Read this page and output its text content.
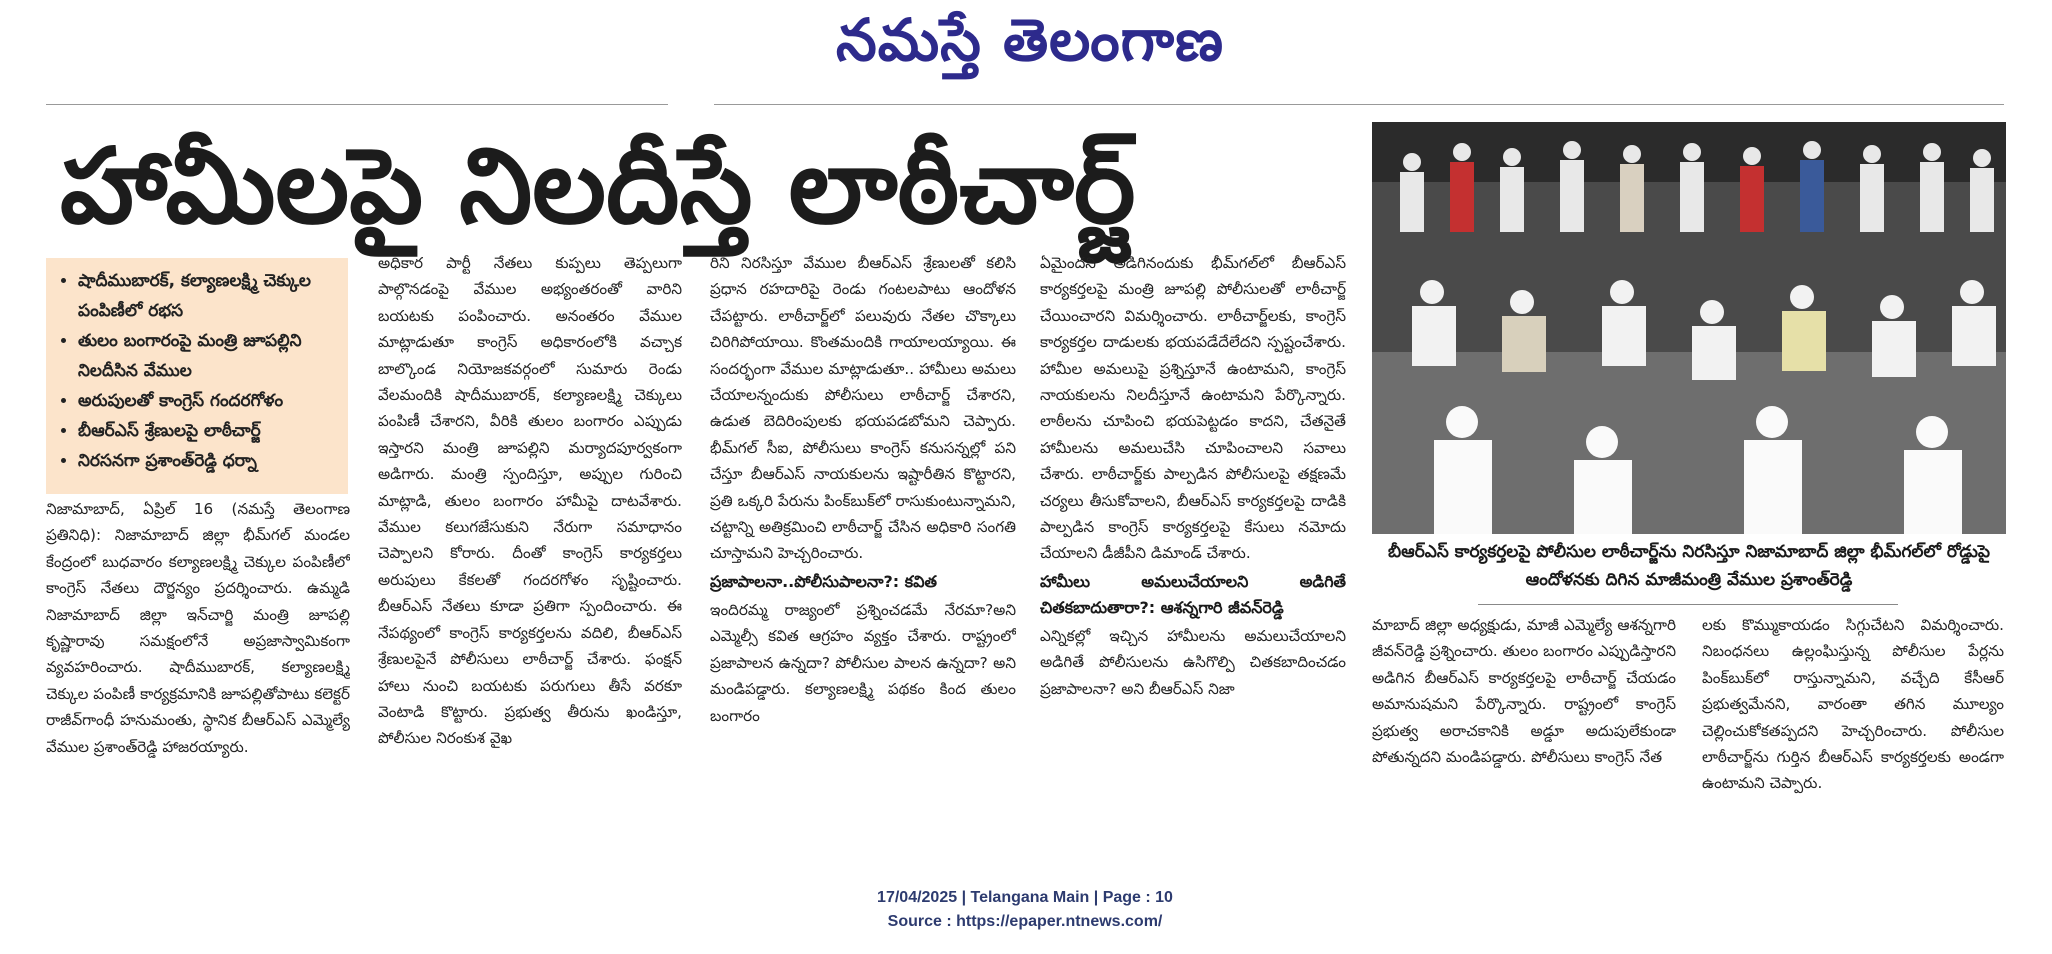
నమస్తే తెలంగాణ
హామీలపై నిలదీస్తే లాఠీచార్జ్
• షాదీముబారక్, కల్యాణలక్ష్మి చెక్కుల పంపిణీలో రభస
• తులం బంగారంపై మంత్రి జూపల్లిని నిలదీసిన వేముల
• అరుపులతో కాంగ్రెస్ గందరగోళం
• బీఆర్ఎస్ శ్రేణులపై లాఠీచార్జ్
• నిరసనగా ప్రశాంత్‌రెడ్డి ధర్నా

నిజామాబాద్, ఏప్రిల్ 16 (నమస్తే తెలంగాణ ప్రతినిధి): నిజామాబాద్ జిల్లా భీమ్‌గల్ మండల కేంద్రంలో బుధవారం కల్యాణలక్ష్మి చెక్కుల పంపిణీలో కాంగ్రెస్ నేతలు దౌర్జన్యం ప్రదర్శించారు. ఉమ్మడి నిజామాబాద్ జిల్లా ఇన్‌చార్జి మంత్రి జూపల్లి కృష్ణారావు సమక్షంలోనే అప్రజాస్వామికంగా వ్యవహరించారు. షాదీముబారక్, కల్యాణలక్ష్మి చెక్కుల పంపిణీ కార్యక్రమానికి జూపల్లితోపాటు కలెక్టర్ రాజీవ్‌గాంధీ హనుమంతు, స్థానిక బీఆర్ఎస్ ఎమ్మెల్యే వేముల ప్రశాంత్‌రెడ్డి హాజరయ్యారు.

అధికార పార్టీ నేతలు కుప్పలు తెప్పలుగా పాల్గొనడంపై వేముల అభ్యంతరంతో వారిని బయటకు పంపించారు. అనంతరం వేముల మాట్లాడుతూ కాంగ్రెస్ అధికారంలోకి వచ్చాక బాల్కొండ నియోజకవర్గంలో సుమారు రెండు వేలమందికి షాదీముబారక్, కల్యాణలక్ష్మి చెక్కులు పంపిణీ చేశారని, వీరికి తులం బంగారం ఎప్పుడు ఇస్తారని మంత్రి జూపల్లిని మర్యాదపూర్వకంగా అడిగారు. మంత్రి స్పందిస్తూ, అప్పుల గురించి మాట్లాడి, తులం బంగారం హామీపై దాటవేశారు. వేముల కలుగజేసుకుని నేరుగా సమాధానం చెప్పాలని కోరారు. దీంతో కాంగ్రెస్ కార్యకర్తలు అరుపులు కేకలతో గందరగోళం సృష్టించారు. బీఆర్ఎస్ నేతలు కూడా ప్రతిగా స్పందించారు. ఈ నేపథ్యంలో కాంగ్రెస్ కార్యకర్తలను వదిలి, బీఆర్ఎస్ శ్రేణులపైనే పోలీసులు లాఠీచార్జ్ చేశారు. ఫంక్షన్ హాలు నుంచి బయటకు పరుగులు తీసే వరకూ వెంటాడి కొట్టారు. ప్రభుత్వ తీరును ఖండిస్తూ, పోలీసుల నిరంకుశ వైఖ

రిని నిరసిస్తూ వేముల బీఆర్ఎస్ శ్రేణులతో కలిసి ప్రధాన రహదారిపై రెండు గంటలపాటు ఆందోళన చేపట్టారు. లాఠీచార్జ్‌లో పలువురు నేతల చొక్కాలు చిరిగిపోయాయి. కొంతమందికి గాయాలయ్యాయి. ఈ సందర్భంగా వేముల మాట్లాడుతూ.. హామీలు అమలు చేయాలన్నందుకు పోలీసులు లాఠీచార్జ్ చేశారని, ఉడుత బెదిరింపులకు భయపడబోమని చెప్పారు. భీమ్‌గల్ సీఐ, పోలీసులు కాంగ్రెస్ కనుసన్నల్లో పని చేస్తూ బీఆర్ఎస్ నాయకులను ఇష్టారీతిన కొట్టారని, ప్రతి ఒక్కరి పేరును పింక్‌బుక్‌లో రాసుకుంటున్నామని, చట్టాన్ని అతిక్రమించి లాఠీచార్జ్ చేసిన అధికారి సంగతి చూస్తామని హెచ్చరించారు.

ప్రజాపాలనా..పోలీసుపాలనా?: కవిత

ఇందిరమ్మ రాజ్యంలో ప్రశ్నించడమే నేరమా?అని ఎమ్మెల్సీ కవిత ఆగ్రహం వ్యక్తం చేశారు. రాష్ట్రంలో ప్రజాపాలన ఉన్నదా? పోలీసుల పాలన ఉన్నదా? అని మండిపడ్డారు. కల్యాణలక్ష్మి పథకం కింద తులం బంగారం

ఏమైందని అడిగినందుకు భీమ్‌గల్‌లో బీఆర్ఎస్ కార్యకర్తలపై మంత్రి జూపల్లి పోలీసులతో లాఠీచార్జ్ చేయించారని విమర్శించారు. లాఠీచార్జ్‌లకు, కాంగ్రెస్ కార్యకర్తల దాడులకు భయపడేదేలేదని స్పష్టంచేశారు. హామీల అమలుపై ప్రశ్నిస్తూనే ఉంటామని, కాంగ్రెస్ నాయకులను నిలదీస్తూనే ఉంటామని పేర్కొన్నారు. లాఠీలను చూపించి భయపెట్టడం కాదని, చేతనైతే హామీలను అమలుచేసి చూపించాలని సవాలు చేశారు. లాఠీచార్జ్‌కు పాల్పడిన పోలీసులపై తక్షణమే చర్యలు తీసుకోవాలని, బీఆర్ఎస్ కార్యకర్తలపై దాడికి పాల్పడిన కాంగ్రెస్ కార్యకర్తలపై కేసులు నమోదు చేయాలని డీజీపీని డిమాండ్ చేశారు.

హామీలు అమలుచేయాలని అడిగితే చితకబాదుతారా?: ఆశన్నగారి జీవన్‌రెడ్డి

ఎన్నికల్లో ఇచ్చిన హామీలను అమలుచేయాలని అడిగితే పోలీసులను ఉసిగొల్పి చితకబాదించడం ప్రజాపాలనా? అని బీఆర్ఎస్ నిజా

బీఆర్ఎస్ కార్యకర్తలపై పోలీసుల లాఠీచార్జ్‌ను నిరసిస్తూ నిజామాబాద్ జిల్లా భీమ్‌గల్‌లో రోడ్డుపై ఆందోళనకు దిగిన మాజీమంత్రి వేముల ప్రశాంత్‌రెడ్డి

మాబాద్ జిల్లా అధ్యక్షుడు, మాజీ ఎమ్మెల్యే ఆశన్నగారి జీవన్‌రెడ్డి ప్రశ్నించారు. తులం బంగారం ఎప్పుడిస్తారని అడిగిన బీఆర్ఎస్ కార్యకర్తలపై లాఠీచార్జ్ చేయడం అమానుషమని పేర్కొన్నారు. రాష్ట్రంలో కాంగ్రెస్ ప్రభుత్వ అరాచకానికి అడ్డూ అదుపులేకుండా పోతున్నదని మండిపడ్డారు. పోలీసులు కాంగ్రెస్ నేత

లకు కొమ్ముకాయడం సిగ్గుచేటని విమర్శించారు. నిబంధనలు ఉల్లంఘిస్తున్న పోలీసుల పేర్లను పింక్‌బుక్‌లో రాస్తున్నామని, వచ్చేది కేసీఆర్ ప్రభుత్వమేనని, వారంతా తగిన మూల్యం చెల్లించుకోకతప్పదని హెచ్చరించారు. పోలీసుల లాఠీచార్జ్‌ను గుర్తిన బీఆర్ఎస్ కార్యకర్తలకు అండగా ఉంటామని చెప్పారు.

17/04/2025 | Telangana Main | Page : 10
Source : https://epaper.ntnews.com/
